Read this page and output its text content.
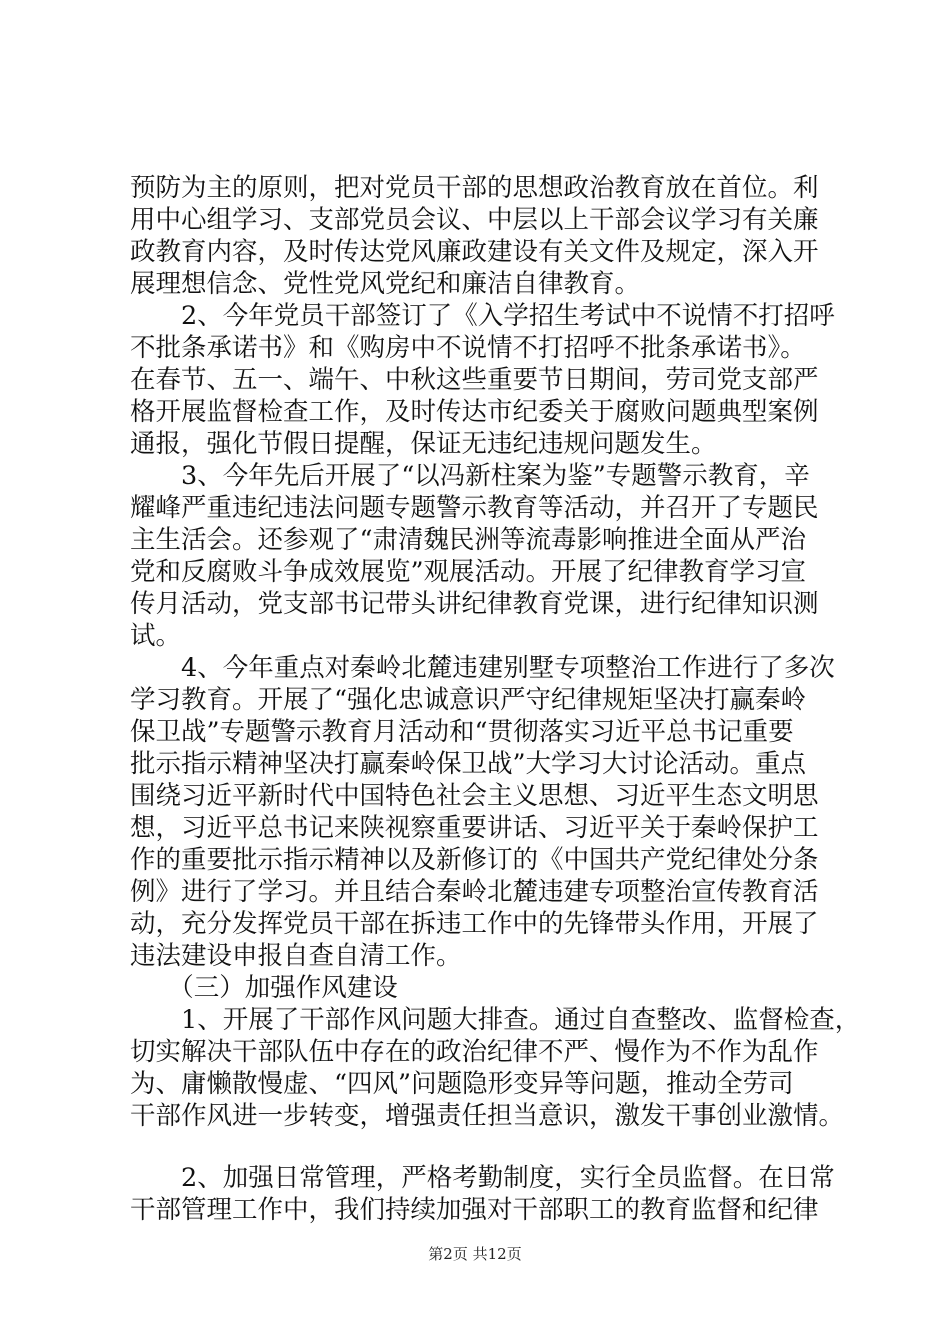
预防为主的原则，把对党员干部的思想政治教育放在首位。利
用中心组学习、支部党员会议、中层以上干部会议学习有关廉
政教育内容，及时传达党风廉政建设有关文件及规定，深入开
展理想信念、党性党风党纪和廉洁自律教育。
　　2、今年党员干部签订了《入学招生考试中不说情不打招呼
不批条承诺书》和《购房中不说情不打招呼不批条承诺书》。
在春节、五一、端午、中秋这些重要节日期间，劳司党支部严
格开展监督检查工作，及时传达市纪委关于腐败问题典型案例
通报，强化节假日提醒，保证无违纪违规问题发生。
　　3、今年先后开展了“以冯新柱案为鉴”专题警示教育，辛
耀峰严重违纪违法问题专题警示教育等活动，并召开了专题民
主生活会。还参观了“肃清魏民洲等流毒影响推进全面从严治
党和反腐败斗争成效展览”观展活动。开展了纪律教育学习宣
传月活动，党支部书记带头讲纪律教育党课，进行纪律知识测
试。
　　4、今年重点对秦岭北麓违建别墅专项整治工作进行了多次
学习教育。开展了“强化忠诚意识严守纪律规矩坚决打赢秦岭
保卫战”专题警示教育月活动和“贯彻落实习近平总书记重要
批示指示精神坚决打赢秦岭保卫战”大学习大讨论活动。重点
围绕习近平新时代中国特色社会主义思想、习近平生态文明思
想，习近平总书记来陕视察重要讲话、习近平关于秦岭保护工
作的重要批示指示精神以及新修订的《中国共产党纪律处分条
例》进行了学习。并且结合秦岭北麓违建专项整治宣传教育活
动，充分发挥党员干部在拆违工作中的先锋带头作用，开展了
违法建设申报自查自清工作。
　　（三）加强作风建设
　　1、开展了干部作风问题大排查。通过自查整改、监督检查，
切实解决干部队伍中存在的政治纪律不严、慢作为不作为乱作
为、庸懒散慢虚、“四风”问题隐形变异等问题，推动全劳司
干部作风进一步转变，增强责任担当意识，激发干事创业激情。
　　2、加强日常管理，严格考勤制度，实行全员监督。在日常
干部管理工作中，我们持续加强对干部职工的教育监督和纪律
第2页 共12页
